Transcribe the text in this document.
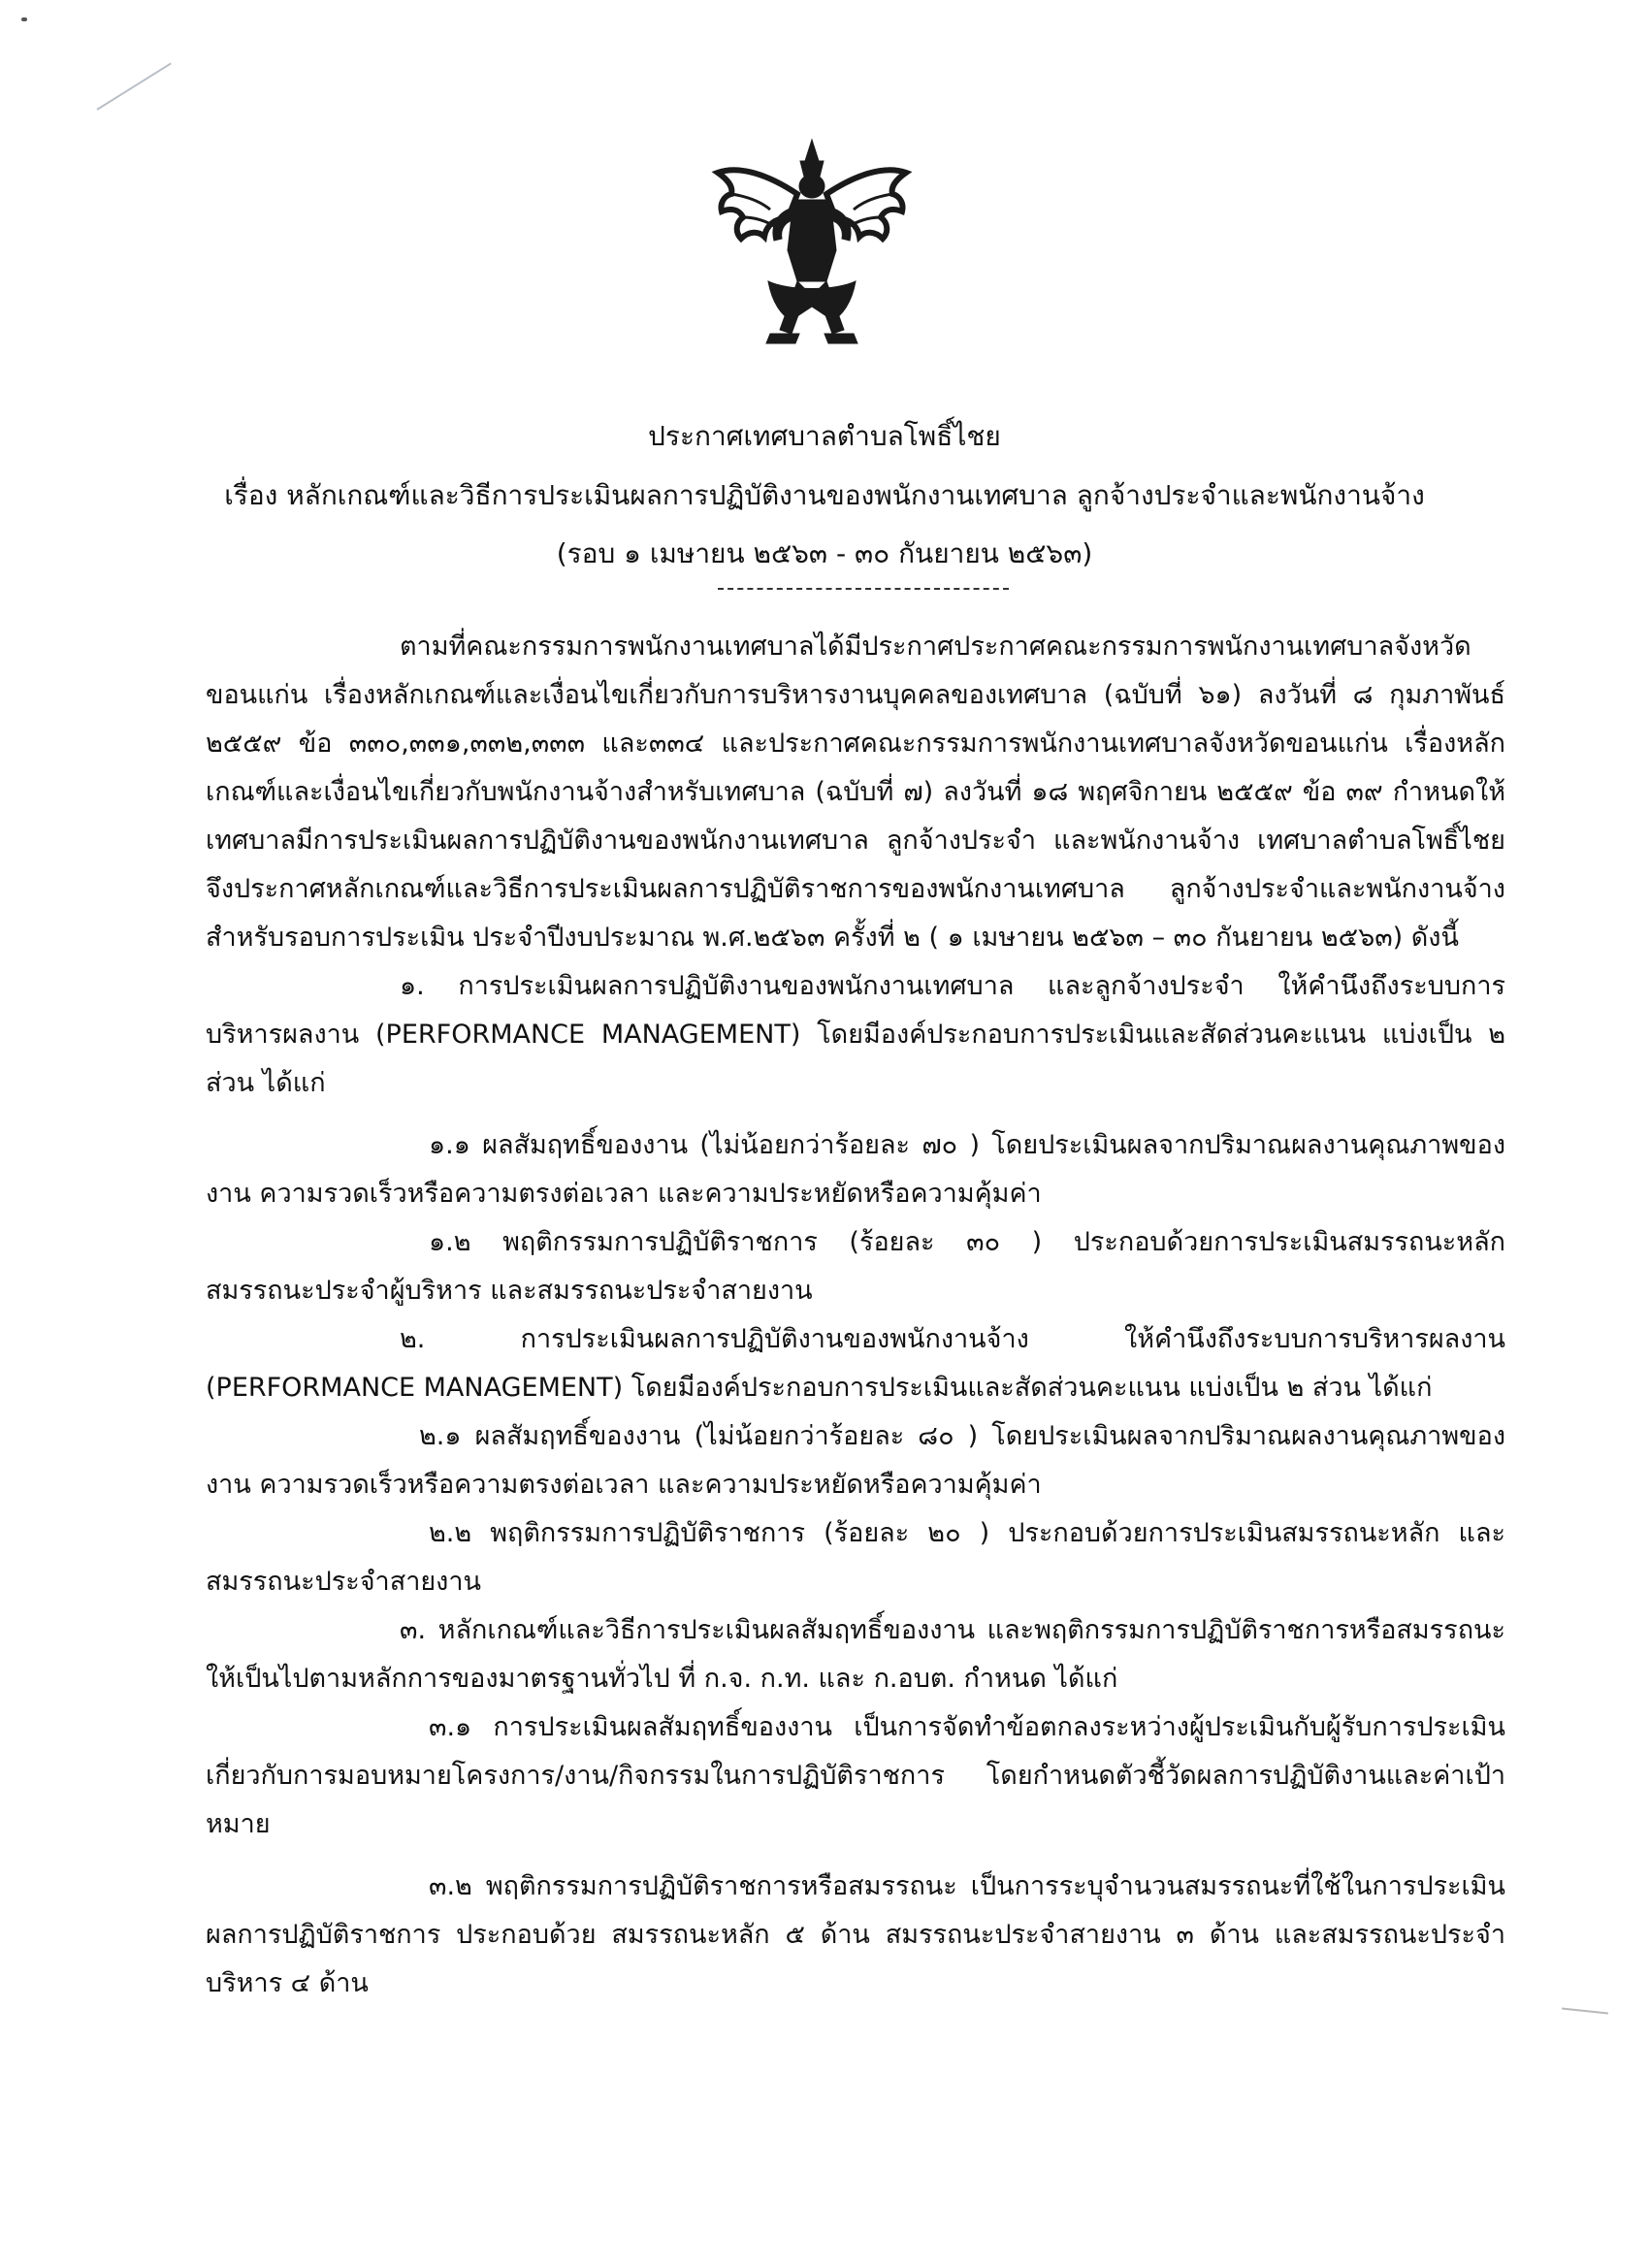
ประกาศเทศบาลตำบลโพธิ์ไชย
เรื่อง หลักเกณฑ์และวิธีการประเมินผลการปฏิบัติงานของพนักงานเทศบาล ลูกจ้างประจำและพนักงานจ้าง
(รอบ ๑ เมษายน ๒๕๖๓ - ๓๐ กันยายน ๒๕๖๓)

ตามที่คณะกรรมการพนักงานเทศบาลได้มีประกาศประกาศคณะกรรมการพนักงานเทศบาลจังหวัดขอนแก่น เรื่องหลักเกณฑ์และเงื่อนไขเกี่ยวกับการบริหารงานบุคคลของเทศบาล (ฉบับที่ ๖๑) ลงวันที่ ๘ กุมภาพันธ์ ๒๕๕๙ ข้อ ๓๓๐,๓๓๑,๓๓๒,๓๓๓ และ๓๓๔ และประกาศคณะกรรมการพนักงานเทศบาลจังหวัดขอนแก่น เรื่องหลักเกณฑ์และเงื่อนไขเกี่ยวกับพนักงานจ้างสำหรับเทศบาล (ฉบับที่ ๗) ลงวันที่ ๑๘ พฤศจิกายน ๒๕๕๙ ข้อ ๓๙ กำหนดให้เทศบาลมีการประเมินผลการปฏิบัติงานของพนักงานเทศบาล ลูกจ้างประจำ และพนักงานจ้าง เทศบาลตำบลโพธิ์ไชย จึงประกาศหลักเกณฑ์และวิธีการประเมินผลการปฏิบัติราชการของพนักงานเทศบาล ลูกจ้างประจำและพนักงานจ้าง สำหรับรอบการประเมิน ประจำปีงบประมาณ พ.ศ.๒๕๖๓ ครั้งที่ ๒ ( ๑ เมษายน ๒๕๖๓ – ๓๐ กันยายน ๒๕๖๓) ดังนี้

๑. การประเมินผลการปฏิบัติงานของพนักงานเทศบาล และลูกจ้างประจำ ให้คำนึงถึงระบบการบริหารผลงาน (PERFORMANCE MANAGEMENT) โดยมีองค์ประกอบการประเมินและสัดส่วนคะแนน แบ่งเป็น ๒ ส่วน ได้แก่

๑.๑ ผลสัมฤทธิ์ของงาน (ไม่น้อยกว่าร้อยละ ๗๐ ) โดยประเมินผลจากปริมาณผลงานคุณภาพของงาน ความรวดเร็วหรือความตรงต่อเวลา และความประหยัดหรือความคุ้มค่า

๑.๒ พฤติกรรมการปฏิบัติราชการ (ร้อยละ ๓๐ ) ประกอบด้วยการประเมินสมรรถนะหลัก สมรรถนะประจำผู้บริหาร และสมรรถนะประจำสายงาน

๒. การประเมินผลการปฏิบัติงานของพนักงานจ้าง ให้คำนึงถึงระบบการบริหารผลงาน (PERFORMANCE MANAGEMENT) โดยมีองค์ประกอบการประเมินและสัดส่วนคะแนน แบ่งเป็น ๒ ส่วน ได้แก่

๒.๑ ผลสัมฤทธิ์ของงาน (ไม่น้อยกว่าร้อยละ ๘๐ ) โดยประเมินผลจากปริมาณผลงานคุณภาพของงาน ความรวดเร็วหรือความตรงต่อเวลา และความประหยัดหรือความคุ้มค่า

๒.๒ พฤติกรรมการปฏิบัติราชการ (ร้อยละ ๒๐ ) ประกอบด้วยการประเมินสมรรถนะหลัก และสมรรถนะประจำสายงาน

๓. หลักเกณฑ์และวิธีการประเมินผลสัมฤทธิ์ของงาน และพฤติกรรมการปฏิบัติราชการหรือสมรรถนะ ให้เป็นไปตามหลักการของมาตรฐานทั่วไป ที่ ก.จ. ก.ท. และ ก.อบต. กำหนด ได้แก่

๓.๑ การประเมินผลสัมฤทธิ์ของงาน เป็นการจัดทำข้อตกลงระหว่างผู้ประเมินกับผู้รับการประเมิน เกี่ยวกับการมอบหมายโครงการ/งาน/กิจกรรมในการปฏิบัติราชการ โดยกำหนดตัวชี้วัดผลการปฏิบัติงานและค่าเป้าหมาย

๓.๒ พฤติกรรมการปฏิบัติราชการหรือสมรรถนะ เป็นการระบุจำนวนสมรรถนะที่ใช้ในการประเมินผลการปฏิบัติราชการ ประกอบด้วย สมรรถนะหลัก ๕ ด้าน สมรรถนะประจำสายงาน ๓ ด้าน และสมรรถนะประจำบริหาร ๔ ด้าน
